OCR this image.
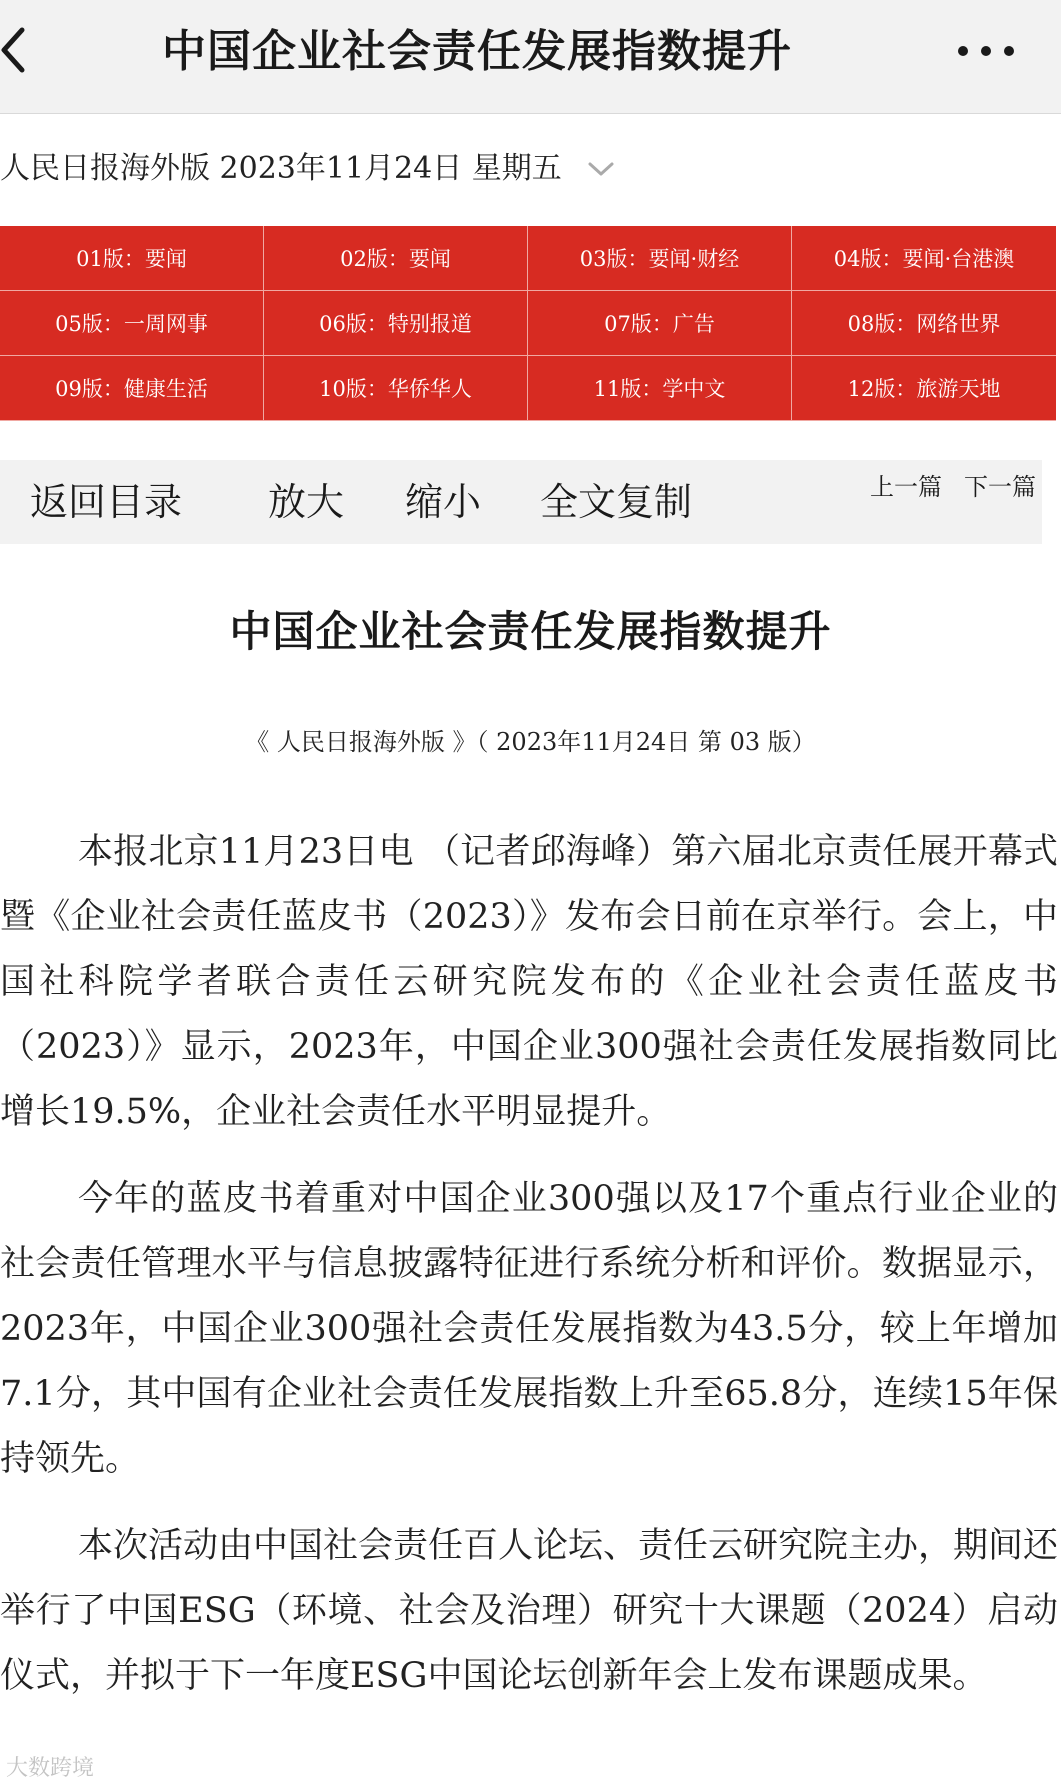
中国企业社会责任发展指数提升
人民日报海外版 2023年11月24日 星期五
01版：要闻	02版：要闻	03版：要闻·财经	04版：要闻·台港澳
05版：一周网事	06版：特别报道	07版：广告	08版：网络世界
09版：健康生活	10版：华侨华人	11版：学中文	12版：旅游天地
返回目录 放大 缩小 全文复制	上一篇 下一篇
中国企业社会责任发展指数提升
《 人民日报海外版 》（ 2023年11月24日 第 03 版）

本报北京11月23日电 （记者邱海峰）第六届北京责任展开幕式暨《企业社会责任蓝皮书（2023）》发布会日前在京举行。会上，中国社科院学者联合责任云研究院发布的《企业社会责任蓝皮书（2023）》显示，2023年，中国企业300强社会责任发展指数同比增长19.5%，企业社会责任水平明显提升。

今年的蓝皮书着重对中国企业300强以及17个重点行业企业的社会责任管理水平与信息披露特征进行系统分析和评价。数据显示，2023年，中国企业300强社会责任发展指数为43.5分，较上年增加7.1分，其中国有企业社会责任发展指数上升至65.8分，连续15年保持领先。

本次活动由中国社会责任百人论坛、责任云研究院主办，期间还举行了中国ESG（环境、社会及治理）研究十大课题（2024）启动仪式，并拟于下一年度ESG中国论坛创新年会上发布课题成果。

大数跨境
